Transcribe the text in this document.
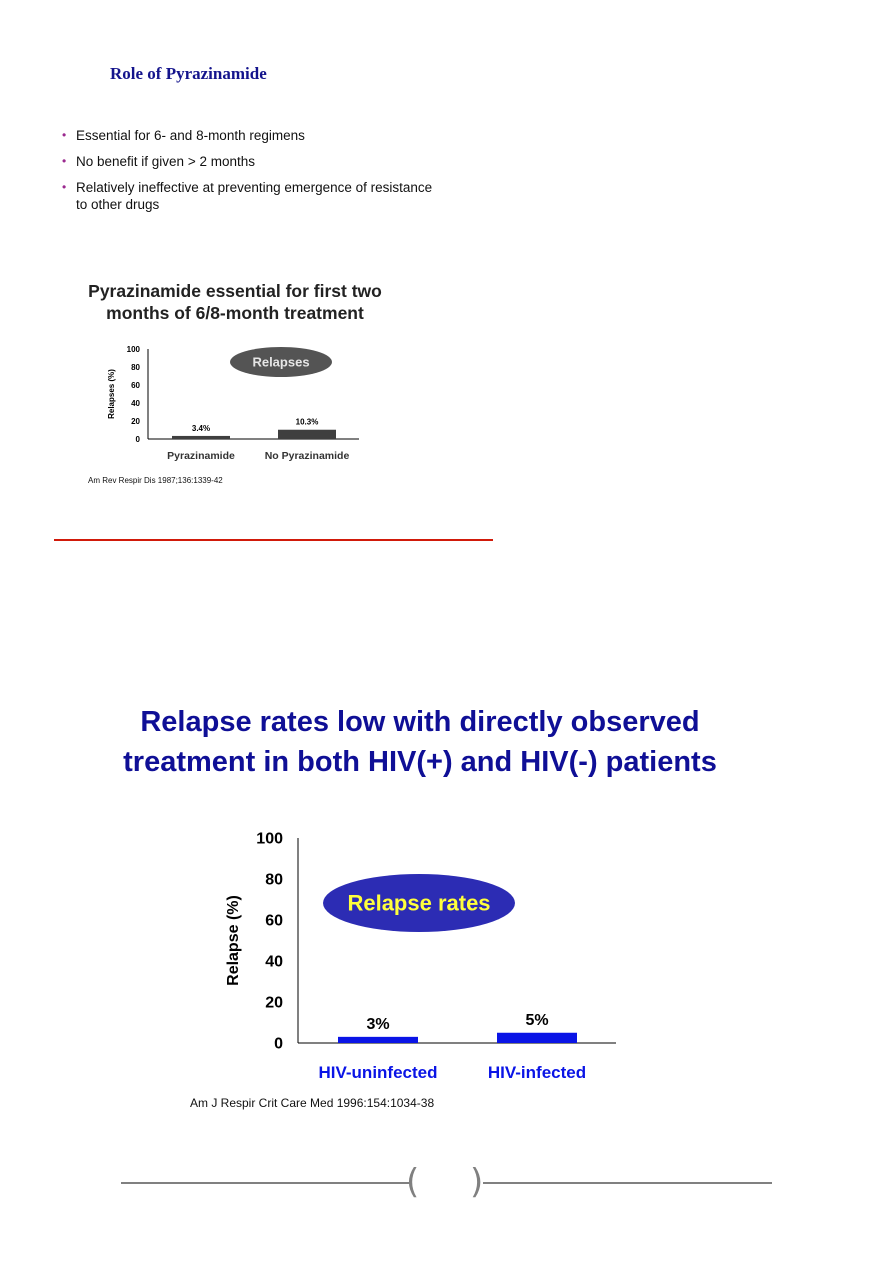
Role of Pyrazinamide
• Essential for 6- and 8-month regimens
• No benefit if given > 2 months
• Relatively ineffective at preventing emergence of resistance to other drugs
Pyrazinamide essential for first two months of 6/8-month treatment
0
20
40
60
80
100
Relapses (%)
3.4%
Pyrazinamide
10.3%
No Pyrazinamide
Relapses
0
20
40
60
80
100
Relapse (%)
3%
HIV-uninfected
5%
HIV-infected
Relapse rates
Am Rev Respir Dis 1987;136:1339-42
Relapse rates low with directly observed treatment in both HIV(+) and HIV(-) patients
Am J Respir Crit Care Med 1996:154:1034-38
( )
